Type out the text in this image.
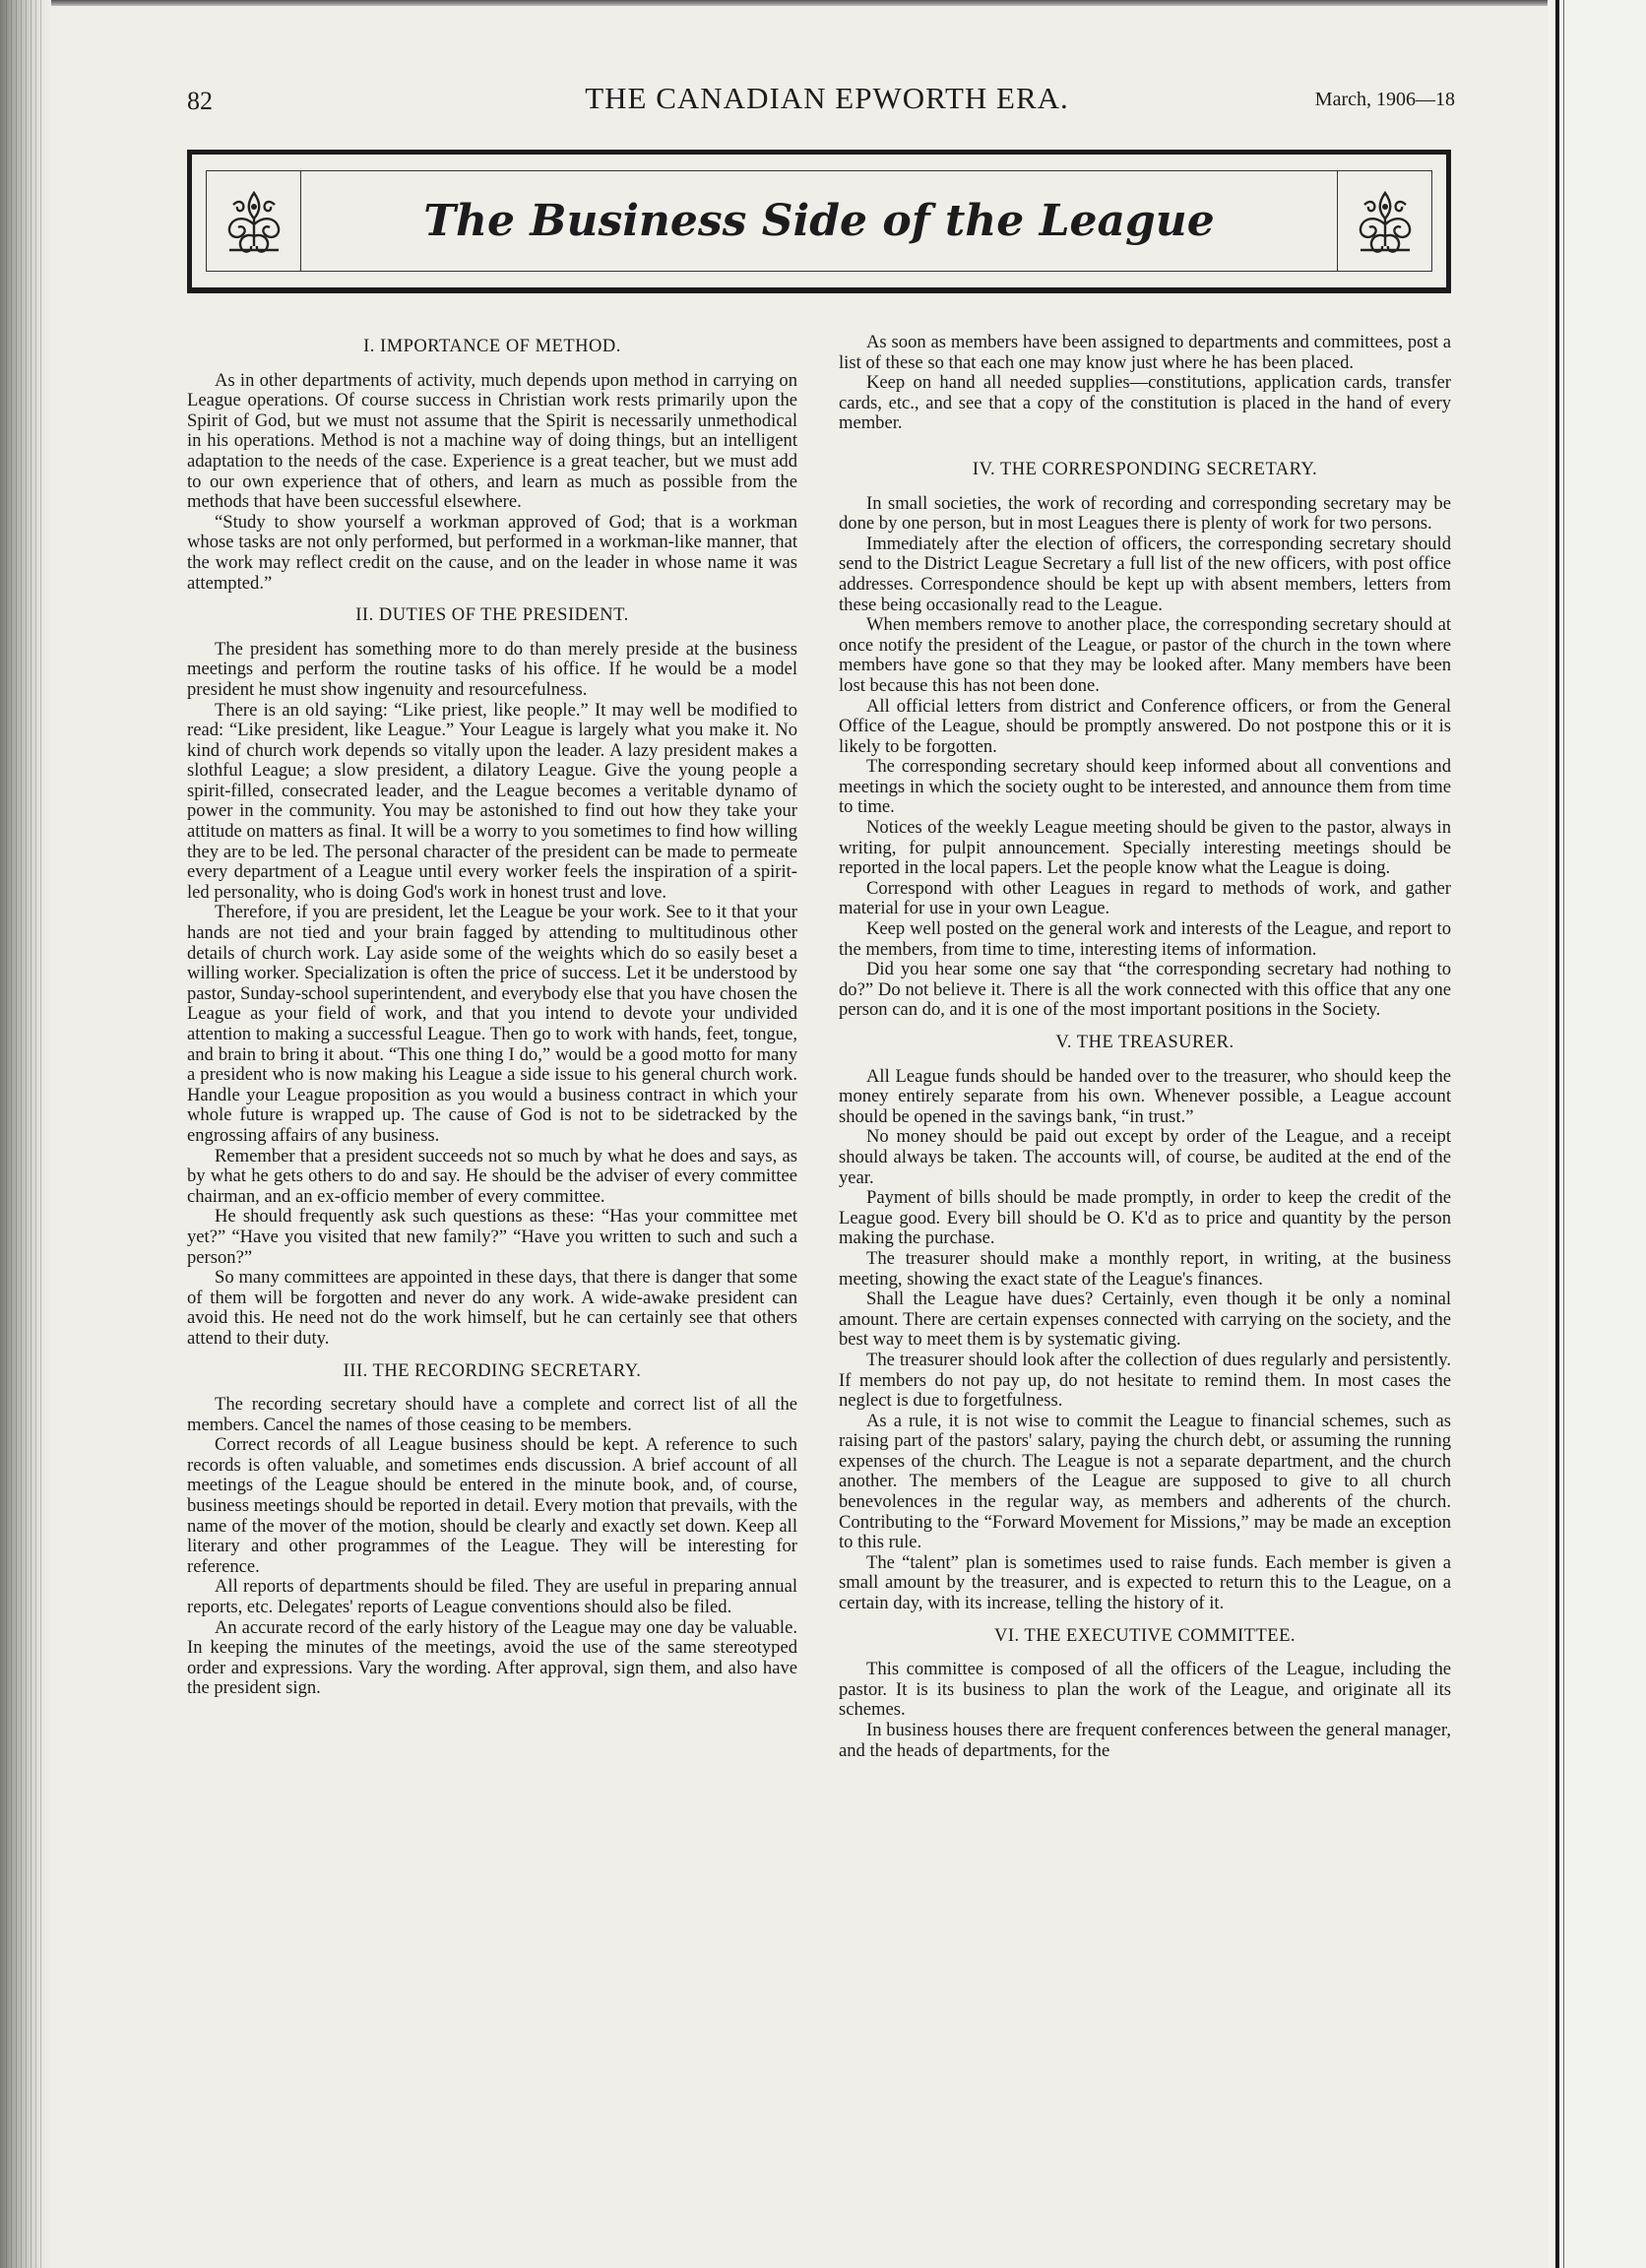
THE CANADIAN EPWORTH ERA.
82	March, 1906—18
The Business Side of the League
I. IMPORTANCE OF METHOD.

As in other departments of activity, much depends upon method in carrying on League operations. Of course success in Christian work rests primarily upon the Spirit of God, but we must not assume that the Spirit is necessarily unmethodical in his operations. Method is not a machine way of doing things, but an intelligent adaptation to the needs of the case. Experience is a great teacher, but we must add to our own experience that of others, and learn as much as possible from the methods that have been successful elsewhere.

“Study to show yourself a workman approved of God; that is a workman whose tasks are not only performed, but performed in a workman-like manner, that the work may reflect credit on the cause, and on the leader in whose name it was attempted.”

II. DUTIES OF THE PRESIDENT.

The president has something more to do than merely preside at the business meetings and perform the routine tasks of his office. If he would be a model president he must show ingenuity and resourcefulness.

There is an old saying: “Like priest, like people.” It may well be modified to read: “Like president, like League.” Your League is largely what you make it. No kind of church work depends so vitally upon the leader. A lazy president makes a slothful League; a slow president, a dilatory League. Give the young people a spirit-filled, consecrated leader, and the League becomes a veritable dynamo of power in the community. You may be astonished to find out how they take your attitude on matters as final. It will be a worry to you sometimes to find how willing they are to be led. The personal character of the president can be made to permeate every department of a League until every worker feels the inspiration of a spirit-led personality, who is doing God's work in honest trust and love.

Therefore, if you are president, let the League be your work. See to it that your hands are not tied and your brain fagged by attending to multitudinous other details of church work. Lay aside some of the weights which do so easily beset a willing worker. Specialization is often the price of success. Let it be understood by pastor, Sunday-school superintendent, and everybody else that you have chosen the League as your field of work, and that you intend to devote your undivided attention to making a successful League. Then go to work with hands, feet, tongue, and brain to bring it about. “This one thing I do,” would be a good motto for many a president who is now making his League a side issue to his general church work. Handle your League proposition as you would a business contract in which your whole future is wrapped up. The cause of God is not to be sidetracked by the engrossing affairs of any business.

Remember that a president succeeds not so much by what he does and says, as by what he gets others to do and say. He should be the adviser of every committee chairman, and an ex-officio member of every committee.

He should frequently ask such questions as these: “Has your committee met yet?” “Have you visited that new family?” “Have you written to such and such a person?”

So many committees are appointed in these days, that there is danger that some of them will be forgotten and never do any work. A wide-awake president can avoid this. He need not do the work himself, but he can certainly see that others attend to their duty.

III. THE RECORDING SECRETARY.

The recording secretary should have a complete and correct list of all the members. Cancel the names of those ceasing to be members.

Correct records of all League business should be kept. A reference to such records is often valuable, and sometimes ends discussion. A brief account of all meetings of the League should be entered in the minute book, and, of course, business meetings should be reported in detail. Every motion that prevails, with the name of the mover of the motion, should be clearly and exactly set down. Keep all literary and other programmes of the League. They will be interesting for reference.

All reports of departments should be filed. They are useful in preparing annual reports, etc. Delegates' reports of League conventions should also be filed.

An accurate record of the early history of the League may one day be valuable. In keeping the minutes of the meetings, avoid the use of the same stereotyped order and expressions. Vary the wording. After approval, sign them, and also have the president sign.

As soon as members have been assigned to departments and committees, post a list of these so that each one may know just where he has been placed.

Keep on hand all needed supplies—constitutions, application cards, transfer cards, etc., and see that a copy of the constitution is placed in the hand of every member.

IV. THE CORRESPONDING SECRETARY.

In small societies, the work of recording and corresponding secretary may be done by one person, but in most Leagues there is plenty of work for two persons.

Immediately after the election of officers, the corresponding secretary should send to the District League Secretary a full list of the new officers, with post office addresses. Correspondence should be kept up with absent members, letters from these being occasionally read to the League.

When members remove to another place, the corresponding secretary should at once notify the president of the League, or pastor of the church in the town where members have gone so that they may be looked after. Many members have been lost because this has not been done.

All official letters from district and Conference officers, or from the General Office of the League, should be promptly answered. Do not postpone this or it is likely to be forgotten.

The corresponding secretary should keep informed about all conventions and meetings in which the society ought to be interested, and announce them from time to time.

Notices of the weekly League meeting should be given to the pastor, always in writing, for pulpit announcement. Specially interesting meetings should be reported in the local papers. Let the people know what the League is doing.

Correspond with other Leagues in regard to methods of work, and gather material for use in your own League.

Keep well posted on the general work and interests of the League, and report to the members, from time to time, interesting items of information.

Did you hear some one say that “the corresponding secretary had nothing to do?” Do not believe it. There is all the work connected with this office that any one person can do, and it is one of the most important positions in the Society.

V. THE TREASURER.

All League funds should be handed over to the treasurer, who should keep the money entirely separate from his own. Whenever possible, a League account should be opened in the savings bank, “in trust.”

No money should be paid out except by order of the League, and a receipt should always be taken. The accounts will, of course, be audited at the end of the year.

Payment of bills should be made promptly, in order to keep the credit of the League good. Every bill should be O. K'd as to price and quantity by the person making the purchase.

The treasurer should make a monthly report, in writing, at the business meeting, showing the exact state of the League's finances.

Shall the League have dues? Certainly, even though it be only a nominal amount. There are certain expenses connected with carrying on the society, and the best way to meet them is by systematic giving.

The treasurer should look after the collection of dues regularly and persistently. If members do not pay up, do not hesitate to remind them. In most cases the neglect is due to forgetfulness.

As a rule, it is not wise to commit the League to financial schemes, such as raising part of the pastors' salary, paying the church debt, or assuming the running expenses of the church. The League is not a separate department, and the church another. The members of the League are supposed to give to all church benevolences in the regular way, as members and adherents of the church. Contributing to the “Forward Movement for Missions,” may be made an exception to this rule.

The “talent” plan is sometimes used to raise funds. Each member is given a small amount by the treasurer, and is expected to return this to the League, on a certain day, with its increase, telling the history of it.

VI. THE EXECUTIVE COMMITTEE.

This committee is composed of all the officers of the League, including the pastor. It is its business to plan the work of the League, and originate all its schemes.

In business houses there are frequent conferences between the general manager, and the heads of departments, for the
